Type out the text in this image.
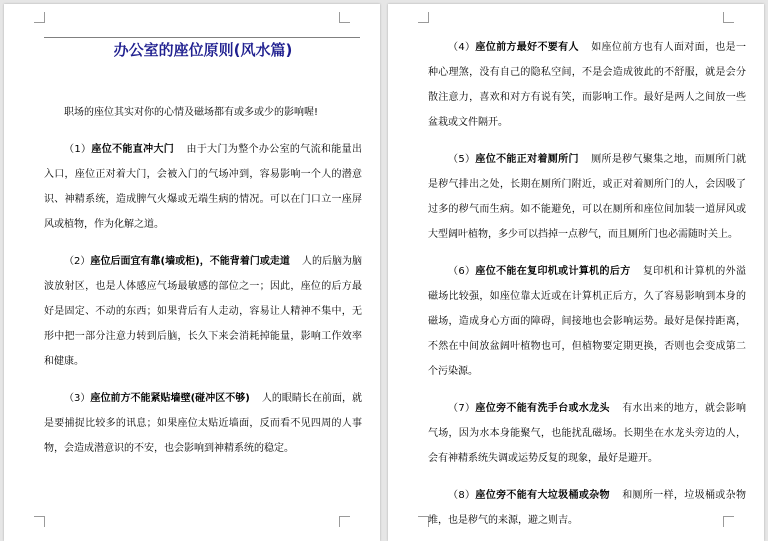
办公室的座位原则(风水篇)

职场的座位其实对你的心情及磁场都有或多或少的影响喔!

（1）座位不能直冲大门 由于大门为整个办公室的气流和能量出入口，座位正对着大门，会被入门的气场冲到，容易影响一个人的潜意识、神精系统，造成脾气火爆或无端生病的情况。可以在门口立一座屏风或植物，作为化解之道。

（2）座位后面宜有靠(墙或柜)，不能背着门或走道 人的后脑为脑波放射区，也是人体感应气场最敏感的部位之一；因此，座位的后方最好是固定、不动的东西；如果背后有人走动，容易让人精神不集中，无形中把一部分注意力转到后脑，长久下来会消耗掉能量，影响工作效率和健康。

（3）座位前方不能紧贴墙壁(碰冲区不够) 人的眼睛长在前面，就是要捕捉比较多的讯息；如果座位太贴近墙面，反而看不见四周的人事物，会造成潜意识的不安，也会影响到神精系统的稳定。

（4）座位前方最好不要有人 如座位前方也有人面对面，也是一种心理煞，没有自己的隐私空间，不是会造成彼此的不舒服，就是会分散注意力，喜欢和对方有说有笑，而影响工作。最好是两人之间放一些盆栽或文件隔开。

（5）座位不能正对着厕所门 厕所是秽气聚集之地，而厕所门就是秽气排出之处，长期在厕所门附近，或正对着厕所门的人，会因吸了过多的秽气而生病。如不能避免，可以在厕所和座位间加装一道屏风或大型阔叶植物，多少可以挡掉一点秽气，而且厕所门也必需随时关上。

（6）座位不能在复印机或计算机的后方 复印机和计算机的外溢磁场比较强，如座位靠太近或在计算机正后方，久了容易影响到本身的磁场，造成身心方面的障碍，间接地也会影响运势。最好是保持距离，不然在中间放盆阔叶植物也可，但植物要定期更换，否则也会变成第二个污染源。

（7）座位旁不能有洗手台或水龙头 有水出来的地方，就会影响气场，因为水本身能聚气，也能扰乱磁场。长期坐在水龙头旁边的人，会有神精系统失调或运势反复的现象，最好是避开。

（8）座位旁不能有大垃圾桶或杂物 和厕所一样，垃圾桶或杂物堆，也是秽气的来源，避之则吉。
